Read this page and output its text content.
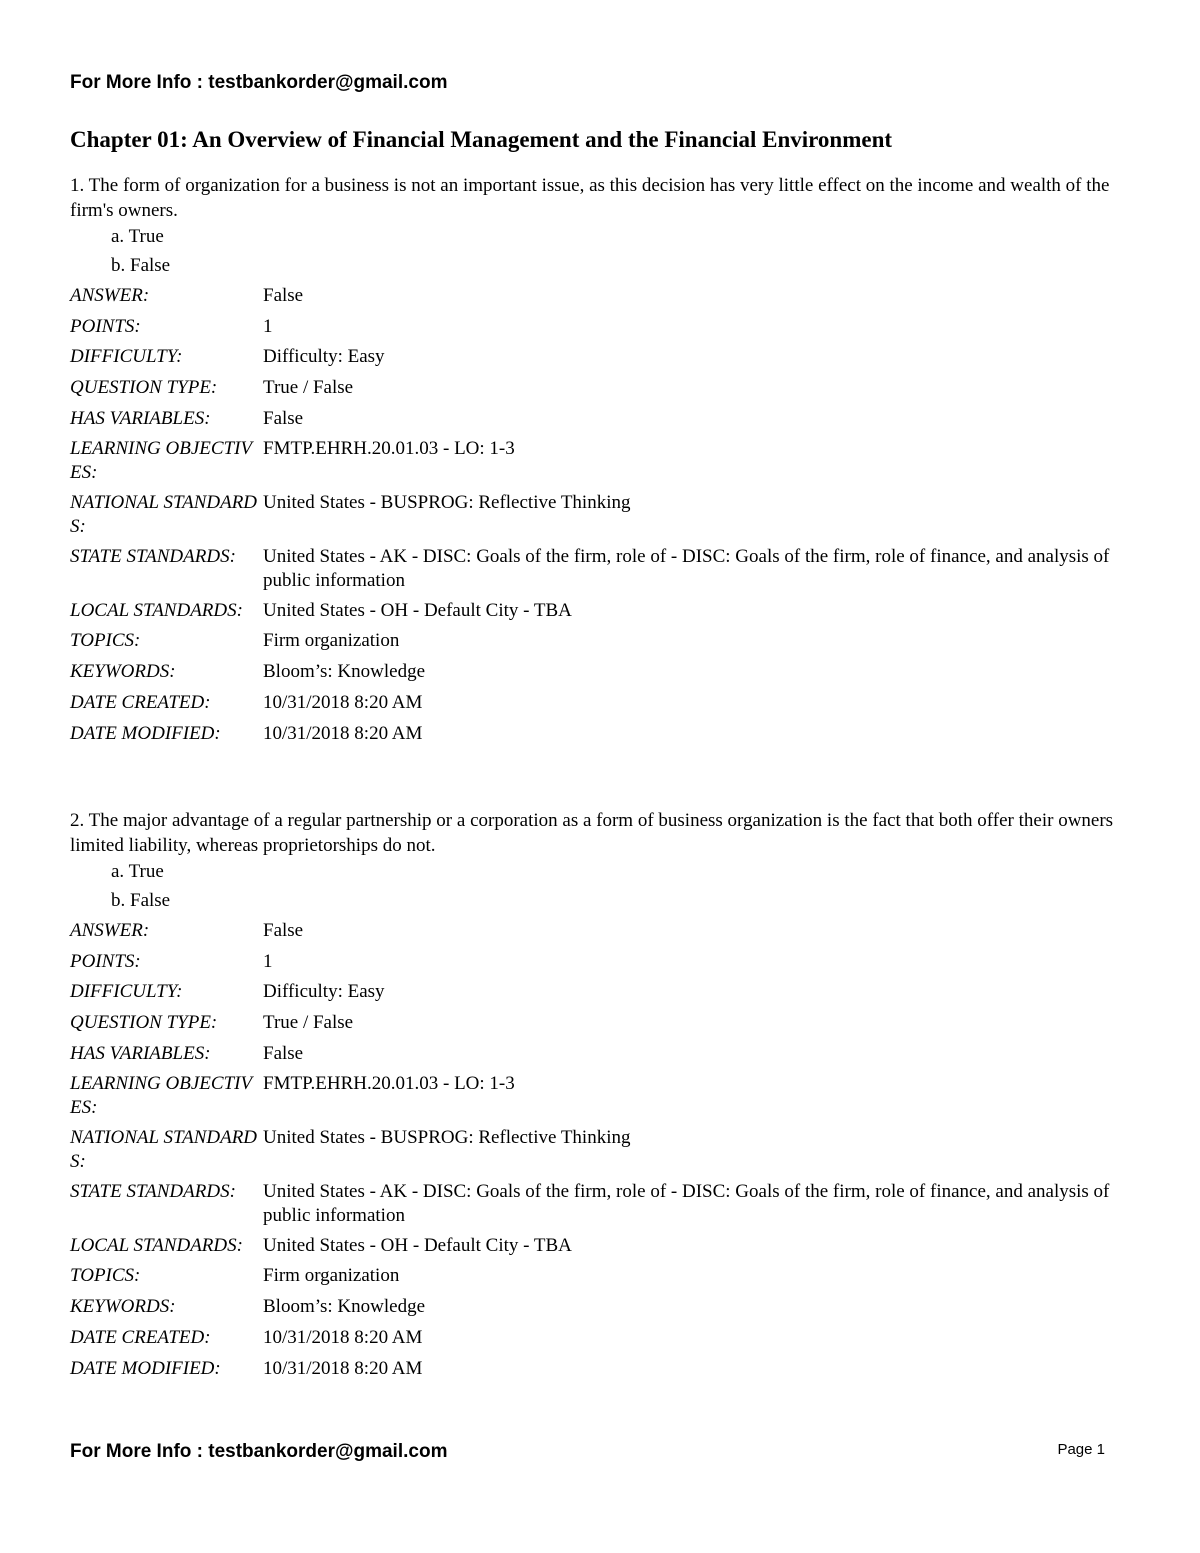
For More Info : testbankorder@gmail.com
Chapter 01: An Overview of Financial Management and the Financial Environment
1. The form of organization for a business is not an important issue, as this decision has very little effect on the income and wealth of the firm's owners.
a. True
b. False
ANSWER:	False
POINTS:	1
DIFFICULTY:	Difficulty: Easy
QUESTION TYPE:	True / False
HAS VARIABLES:	False
LEARNING OBJECTIVES:
FMTP.EHRH.20.01.03 - LO: 1-3
NATIONAL STANDARDS:
United States - BUSPROG: Reflective Thinking
STATE STANDARDS:	United States - AK - DISC: Goals of the firm, role of - DISC: Goals of the firm, role of finance, and analysis of public information
LOCAL STANDARDS:	United States - OH - Default City - TBA
TOPICS:	Firm organization
KEYWORDS:	Bloom’s: Knowledge
DATE CREATED:	10/31/2018 8:20 AM
DATE MODIFIED:	10/31/2018 8:20 AM
2. The major advantage of a regular partnership or a corporation as a form of business organization is the fact that both offer their owners limited liability, whereas proprietorships do not.
a. True
b. False
ANSWER:	False
POINTS:	1
DIFFICULTY:	Difficulty: Easy
QUESTION TYPE:	True / False
HAS VARIABLES:	False
LEARNING OBJECTIVES:
FMTP.EHRH.20.01.03 - LO: 1-3
NATIONAL STANDARDS:
United States - BUSPROG: Reflective Thinking
STATE STANDARDS:	United States - AK - DISC: Goals of the firm, role of - DISC: Goals of the firm, role of finance, and analysis of public information
LOCAL STANDARDS:	United States - OH - Default City - TBA
TOPICS:	Firm organization
KEYWORDS:	Bloom’s: Knowledge
DATE CREATED:	10/31/2018 8:20 AM
DATE MODIFIED:	10/31/2018 8:20 AM
For More Info : testbankorder@gmail.com	Page 1
